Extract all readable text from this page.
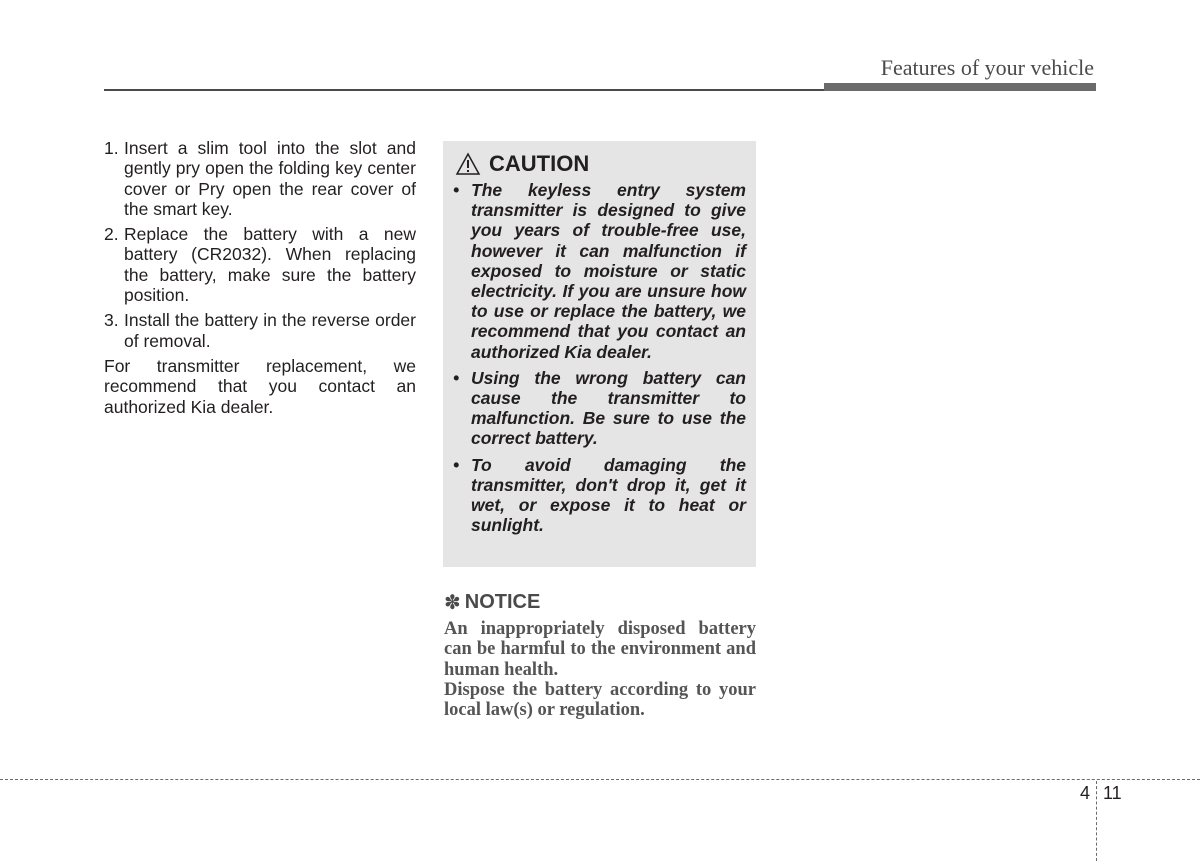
Features of your vehicle
1. Insert a slim tool into the slot and gently pry open the folding key center cover or Pry open the rear cover of the smart key.
2. Replace the battery with a new battery (CR2032). When replacing the battery, make sure the battery position.
3. Install the battery in the reverse order of removal.

For transmitter replacement, we recommend that you contact an authorized Kia dealer.

CAUTION
• The keyless entry system transmitter is designed to give you years of trouble-free use, however it can malfunction if exposed to moisture or static electricity. If you are unsure how to use or replace the battery, we recommend that you contact an authorized Kia dealer.
• Using the wrong battery can cause the transmitter to malfunction. Be sure to use the correct battery.
• To avoid damaging the transmitter, don't drop it, get it wet, or expose it to heat or sunlight.
✽ NOTICE

An inappropriately disposed battery can be harmful to the environment and human health.

Dispose the battery according to your local law(s) or regulation.

4 11
